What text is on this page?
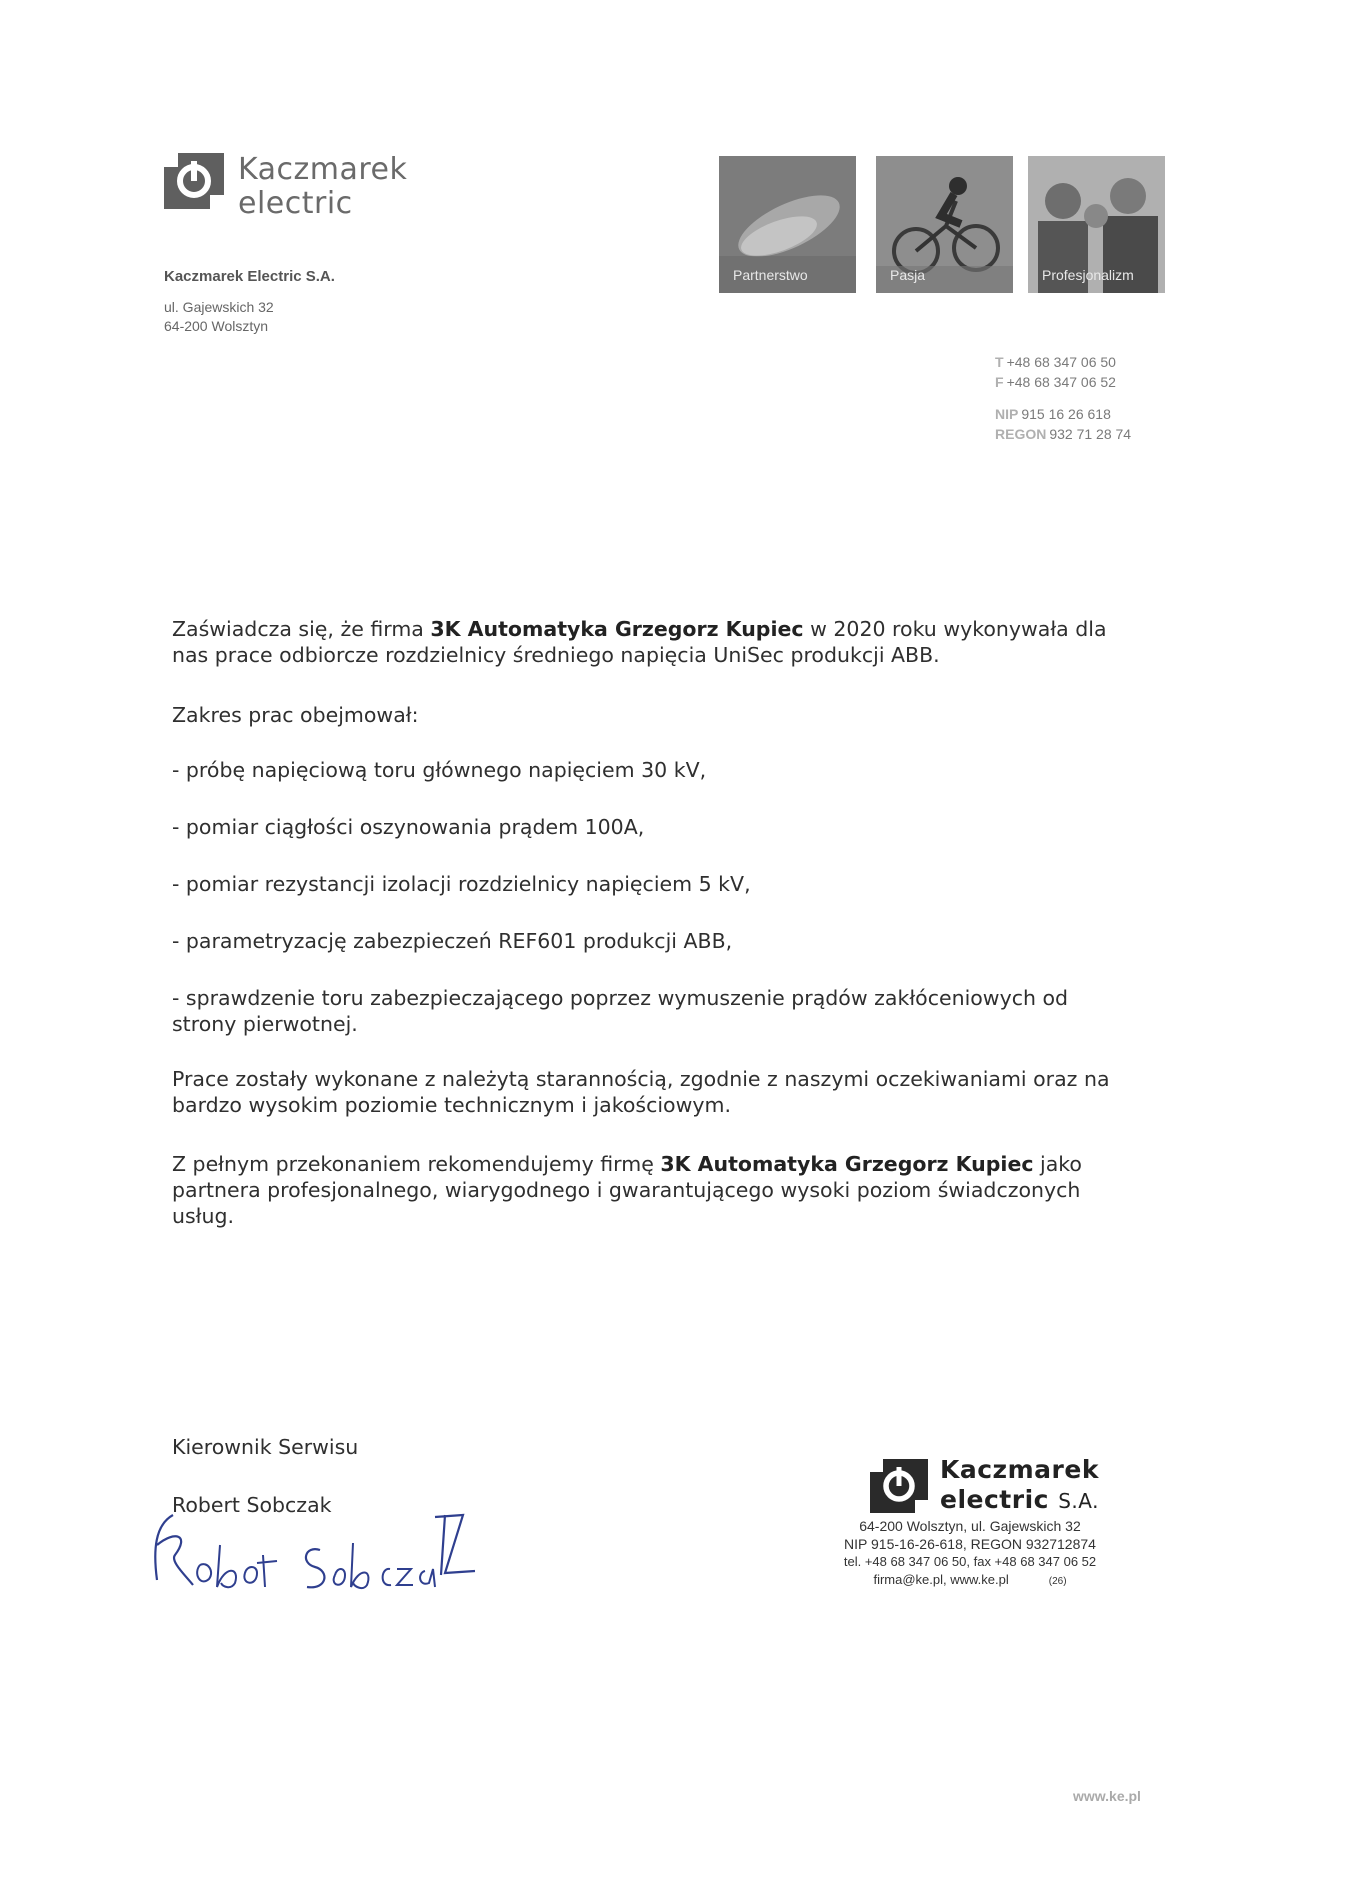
Kaczmarek
electric
Kaczmarek Electric S.A.
ul. Gajewskich 32
64-200 Wolsztyn
Partnerstwo	Pasja	Profesjonalizm
T +48 68 347 06 50
F +48 68 347 06 52
NIP 915 16 26 618
REGON 932 71 28 74

Zaświadcza się, że firma 3K Automatyka Grzegorz Kupiec w 2020 roku wykonywała dla nas prace odbiorcze rozdzielnicy średniego napięcia UniSec produkcji ABB.

Zakres prac obejmował:
- próbę napięciową toru głównego napięciem 30 kV,
- pomiar ciągłości oszynowania prądem 100A,
- pomiar rezystancji izolacji rozdzielnicy napięciem 5 kV,
- parametryzację zabezpieczeń REF601 produkcji ABB,
- sprawdzenie toru zabezpieczającego poprzez wymuszenie prądów zakłóceniowych od strony pierwotnej.
Prace zostały wykonane z należytą starannością, zgodnie z naszymi oczekiwaniami oraz na bardzo wysokim poziomie technicznym i jakościowym.

Z pełnym przekonaniem rekomendujemy firmę 3K Automatyka Grzegorz Kupiec jako partnera profesjonalnego, wiarygodnego i gwarantującego wysoki poziom świadczonych usług.

Kierownik Serwisu
Robert Sobczak
Kaczmarek
electric S.A.
64-200 Wolsztyn, ul. Gajewskich 32
NIP 915-16-26-618, REGON 932712874
tel. +48 68 347 06 50, fax +48 68 347 06 52
firma@ke.pl, www.ke.pl	(26)
www.ke.pl
